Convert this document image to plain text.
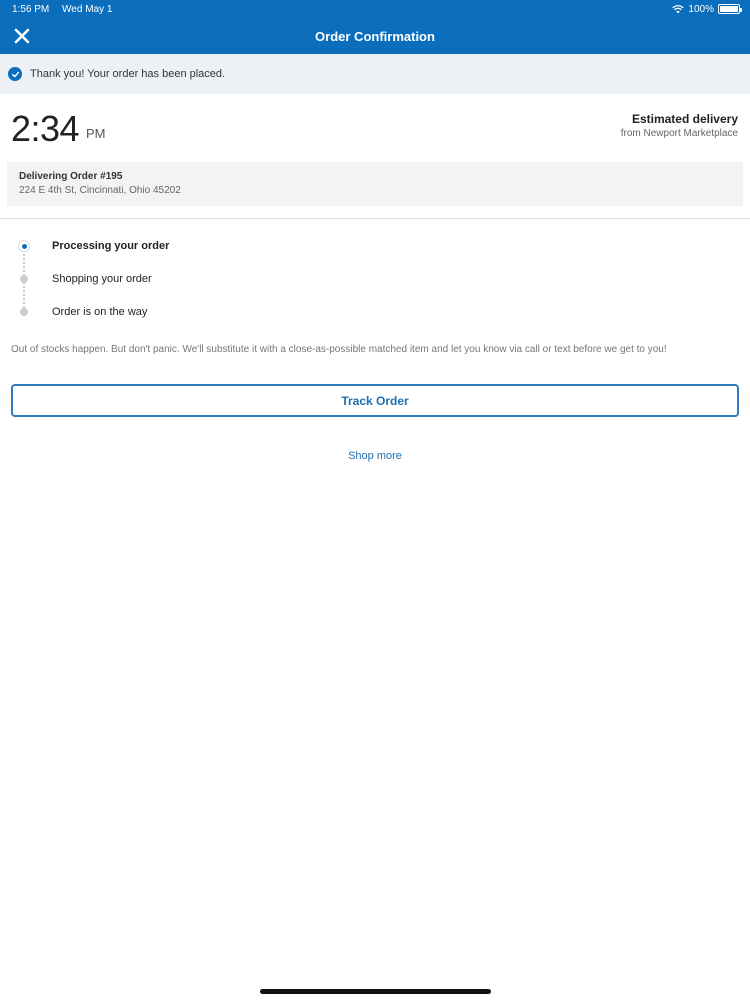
1:56 PM Wed May 1	100%
Order Confirmation
Thank you! Your order has been placed.
2:34 PM
Estimated delivery
from Newport Marketplace
Delivering Order #195
224 E 4th St, Cincinnati, Ohio 45202
Processing your order
Shopping your order
Order is on the way
Out of stocks happen. But don't panic. We'll substitute it with a close-as-possible matched item and let you know via call or text before we get to you!
Track Order
Shop more
